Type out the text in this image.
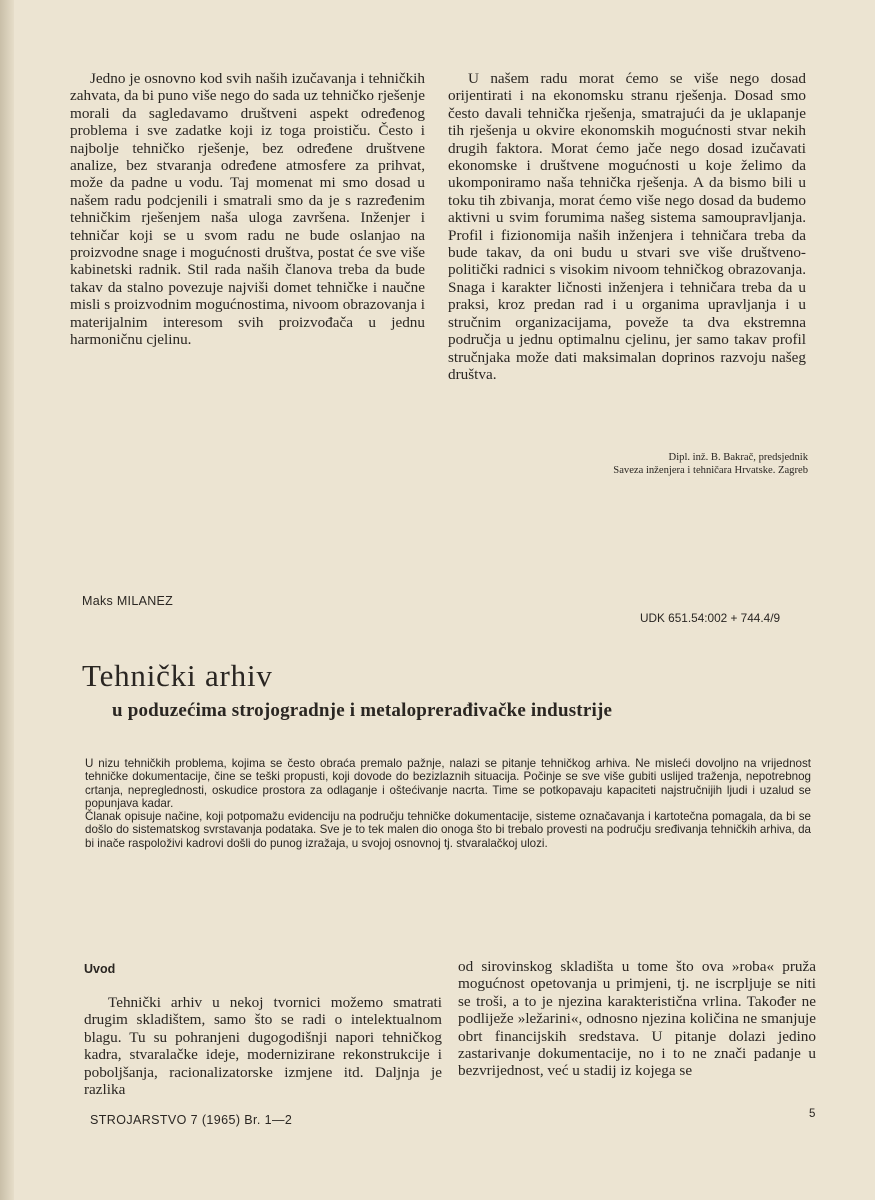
Jedno je osnovno kod svih naših izučavanja i tehničkih zahvata, da bi puno više nego do sada uz tehničko rješenje morali da sagledavamo društveni aspekt određenog problema i sve zadatke koji iz toga proističu. Često i najbolje tehničko rješenje, bez određene društvene analize, bez stvaranja određene atmosfere za prihvat, može da padne u vodu. Taj momenat mi smo dosad u našem radu podcjenili i smatrali smo da je s razređenim tehničkim rješenjem naša uloga završena. Inženjer i tehničar koji se u svom radu ne bude oslanjao na proizvodne snage i mogućnosti društva, postat će sve više kabinetski radnik. Stil rada naših članova treba da bude takav da stalno povezuje najviši domet tehničke i naučne misli s proizvodnim mogućnostima, nivoom obrazovanja i materijalnim interesom svih proizvođača u jednu harmoničnu cjelinu.

U našem radu morat ćemo se više nego dosad orijentirati i na ekonomsku stranu rješenja. Dosad smo često davali tehnička rješenja, smatrajući da je uklapanje tih rješenja u okvire ekonomskih mogućnosti stvar nekih drugih faktora. Morat ćemo jače nego dosad izučavati ekonomske i društvene mogućnosti u koje želimo da ukomponiramo naša tehnička rješenja. A da bismo bili u toku tih zbivanja, morat ćemo više nego dosad da budemo aktivni u svim forumima našeg sistema samoupravljanja. Profil i fizionomija naših inženjera i tehničara treba da bude takav, da oni budu u stvari sve više društveno-politički radnici s visokim nivoom tehničkog obrazovanja. Snaga i karakter ličnosti inženjera i tehničara treba da u praksi, kroz predan rad i u organima upravljanja i u stručnim organizacijama, poveže ta dva ekstremna područja u jednu optimalnu cjelinu, jer samo takav profil stručnjaka može dati maksimalan doprinos razvoju našeg društva.

Dipl. inž. B. Bakrač, predsjednik
Saveza inženjera i tehničara Hrvatske. Zagreb
Maks MILANEZ
UDK 651.54:002 + 744.4/9
Tehnički arhiv
u poduzećima strojogradnje i metaloprerađivačke industrije

U nizu tehničkih problema, kojima se često obraća premalo pažnje, nalazi se pitanje tehničkog arhiva. Ne misleći dovoljno na vrijednost tehničke dokumentacije, čine se teški propusti, koji dovode do bezizlaznih situacija. Počinje se sve više gubiti uslijed traženja, nepotrebnog crtanja, nepreglednosti, oskudice prostora za odlaganje i oštećivanje nacrta. Time se potkopavaju kapaciteti najstručnijih ljudi i uzalud se popunjava kadar.

Članak opisuje načine, koji potpomažu evidenciju na području tehničke dokumentacije, sisteme označavanja i kartotečna pomagala, da bi se došlo do sistematskog svrstavanja podataka. Sve je to tek malen dio onoga što bi trebalo provesti na području sređivanja tehničkih arhiva, da bi inače raspoloživi kadrovi došli do punog izražaja, u svojoj osnovnoj tj. stvaralačkoj ulozi.

Uvod

Tehnički arhiv u nekoj tvornici možemo smatrati drugim skladištem, samo što se radi o intelektualnom blagu. Tu su pohranjeni dugogodišnji napori tehničkog kadra, stvaralačke ideje, modernizirane rekonstrukcije i poboljšanja, racionalizatorske izmjene itd. Daljnja je razlika

od sirovinskog skladišta u tome što ova »roba« pruža mogućnost opetovanja u primjeni, tj. ne iscrpljuje se niti se troši, a to je njezina karakteristična vrlina. Također ne podliježe »ležarini«, odnosno njezina količina ne smanjuje obrt financijskih sredstava. U pitanje dolazi jedino zastarivanje dokumentacije, no i to ne znači padanje u bezvrijednost, već u stadij iz kojega se

STROJARSTVO 7 (1965) Br. 1—2	5
